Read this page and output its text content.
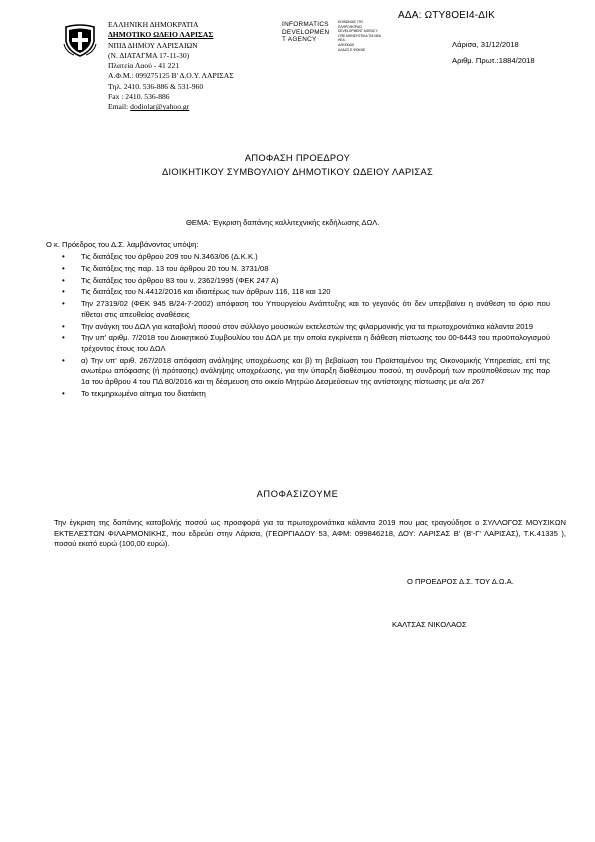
ΑΔΑ: ΩΤΥ8ΟΕΙ4-ΔΙΚ
ΕΛΛΗΝΙΚΗ ΔΗΜΟΚΡΑΤΙΑ
ΔΗΜΟΤΙΚΟ ΩΔΕΙΟ ΛΑΡΙΣΑΣ
ΝΠΙΔ ΔΗΜΟΥ ΛΑΡΙΣΑΙΩΝ
(Ν. ΔΙΑΤΑΓΜΑ 17-11-30)
Πλατεία Λαού - 41 221
Α.Φ.Μ.: 099275125 Β' Δ.Ο.Υ. ΛΑΡΙΣΑΣ
Τηλ. 2410. 536-886 & 531-960
Fax : 2410. 536-886
Email: dodiolar@yahoo.gr
INFORMATICS
DEVELOPMEN
T AGENCY
ΚΟΙΝΩΝΙΑΣ ΤΗΣ
ΠΛΗΡΟΦΟΡΙΑΣ
DEVELOPMENT AGENCY
ΟΠΕ ΜΗΝΕΥΟΤΙΚΑ ΤΙΑ ΝΕΑ
ΗΕΑ
ΑΛΚΕΚΑΚΙ
ΑΛΑΖΟ Ε ΦΟΚΝΕ
Λάρισα, 31/12/2018
Αριθμ. Πρωτ.:1884/2018
ΑΠΟΦΑΣΗ ΠΡΟΕΔΡΟΥ
ΔΙΟΙΚΗΤΙΚΟΥ ΣΥΜΒΟΥΛΙΟΥ ΔΗΜΟΤΙΚΟΥ ΩΔΕΙΟΥ ΛΑΡΙΣΑΣ
ΘΕΜΑ: Έγκριση δαπάνης καλλιτεχνικής εκδήλωσης ΔΩΛ.
Ο κ. Πρόεδρος του Δ.Σ. λαμβάνοντας υπόψη:
• Τις διατάξεις του άρθρου 209 του Ν.3463/06 (Δ.Κ.Κ.)
• Τις διατάξεις της παρ. 13 του άρθρου 20 του Ν. 3731/08
• Τις διατάξεις του άρθρου 83 του ν. 2362/1995 (ΦΕΚ 247 Α)
• Τις διατάξεις του Ν.4412/2016 και ιδιαιτέρως των άρθρων 116, 118 και 120
• Την 27319/02 (ΦΕΚ 945 Β/24-7-2002) απόφαση του Υπουργείου Ανάπτυξης και το γεγονός ότι δεν υπερβαίνει η ανάθεση το όριο που τίθεται στις απευθείας αναθέσεις
• Την ανάγκη του ΔΩΛ για καταβολή ποσού στον σύλλογο μουσικών εκτελεστών της φιλαρμονικής για τα πρωτοχρονιάτικα κάλαντα 2019
• Την υπ' αριθμ. 7/2018 του Διοικητικού Συμβουλίου του ΔΩΛ με την οποία εγκρίνεται η διάθεση πίστωσης του 00-6443 του προϋπολογισμού τρέχοντος έτους του ΔΩΛ
• α) Την υπ' αριθ. 267/2018 απόφαση ανάληψης υποχρέωσης και β) τη βεβαίωση του Προϊσταμένου της Οικονομικής Υπηρεσίας, επί της ανωτέρω απόφασης (ή πρότασης) ανάληψης υποχρέωσης, για την ύπαρξη διαθέσιμου ποσού, τη συνδρομή των προϋποθέσεων της παρ 1α του άρθρου 4 του ΠΔ 80/2016 και τη δέσμευση στο οικείο Μητρώο Δεσμεύσεων της αντίστοιχης πίστωσης με α/α 267
• Το τεκμηριωμένο αίτημα του διατάκτη
ΑΠΟΦΑΣΙΖΟΥΜΕ
Την έγκριση της δαπάνης καταβολής ποσού ως προσφορά για τα πρωτοχρονιάτικα κάλαντα 2019 που μας τραγούδησε ο ΣΥΛΛΟΓΟΣ ΜΟΥΣΙΚΩΝ ΕΚΤΕΛΕΣΤΩΝ ΦΙΛΑΡΜΟΝΙΚΗΣ, που εδρεύει στην Λάρισα, (ΓΕΩΡΓΙΑΔΟΥ 53, ΑΦΜ: 099846218, ΔΟΥ: ΛΑΡΙΣΑΣ Β' (Β'-Γ' ΛΑΡΙΣΑΣ), Τ.Κ.41335 ), ποσού εκατό ευρώ (100,00 ευρώ).
Ο ΠΡΟΕΔΡΟΣ Δ.Σ. ΤΟΥ Δ.Ω.Α.
ΚΑΛΤΣΑΣ ΝΙΚΟΛΑΟΣ
